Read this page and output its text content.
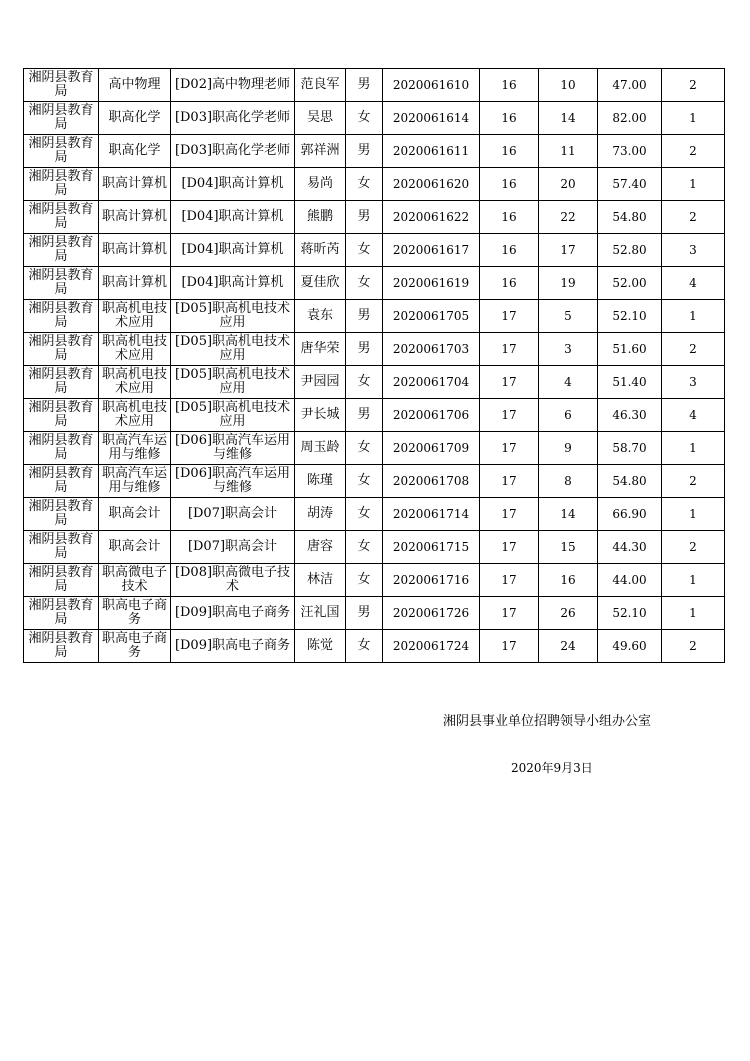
湘阴县教育局	高中物理	[D02]高中物理老师	范良军	男	2020061610	16	10	47.00	2
湘阴县教育局	职高化学	[D03]职高化学老师	吴思	女	2020061614	16	14	82.00	1
湘阴县教育局	职高化学	[D03]职高化学老师	郭祥洲	男	2020061611	16	11	73.00	2
湘阴县教育局	职高计算机	[D04]职高计算机	易尚	女	2020061620	16	20	57.40	1
湘阴县教育局	职高计算机	[D04]职高计算机	熊鹏	男	2020061622	16	22	54.80	2
湘阴县教育局	职高计算机	[D04]职高计算机	蒋昕芮	女	2020061617	16	17	52.80	3
湘阴县教育局	职高计算机	[D04]职高计算机	夏佳欣	女	2020061619	16	19	52.00	4
湘阴县教育局	职高机电技术应用	[D05]职高机电技术应用	袁东	男	2020061705	17	5	52.10	1
湘阴县教育局	职高机电技术应用	[D05]职高机电技术应用	唐华荣	男	2020061703	17	3	51.60	2
湘阴县教育局	职高机电技术应用	[D05]职高机电技术应用	尹园园	女	2020061704	17	4	51.40	3
湘阴县教育局	职高机电技术应用	[D05]职高机电技术应用	尹长城	男	2020061706	17	6	46.30	4
湘阴县教育局	职高汽车运用与维修	[D06]职高汽车运用与维修	周玉龄	女	2020061709	17	9	58.70	1
湘阴县教育局	职高汽车运用与维修	[D06]职高汽车运用与维修	陈瑾	女	2020061708	17	8	54.80	2
湘阴县教育局	职高会计	[D07]职高会计	胡涛	女	2020061714	17	14	66.90	1
湘阴县教育局	职高会计	[D07]职高会计	唐容	女	2020061715	17	15	44.30	2
湘阴县教育局	职高微电子技术	[D08]职高微电子技术	林洁	女	2020061716	17	16	44.00	1
湘阴县教育局	职高电子商务	[D09]职高电子商务	汪礼国	男	2020061726	17	26	52.10	1
湘阴县教育局	职高电子商务	[D09]职高电子商务	陈觉	女	2020061724	17	24	49.60	2
湘阴县事业单位招聘领导小组办公室
2020年9月3日
